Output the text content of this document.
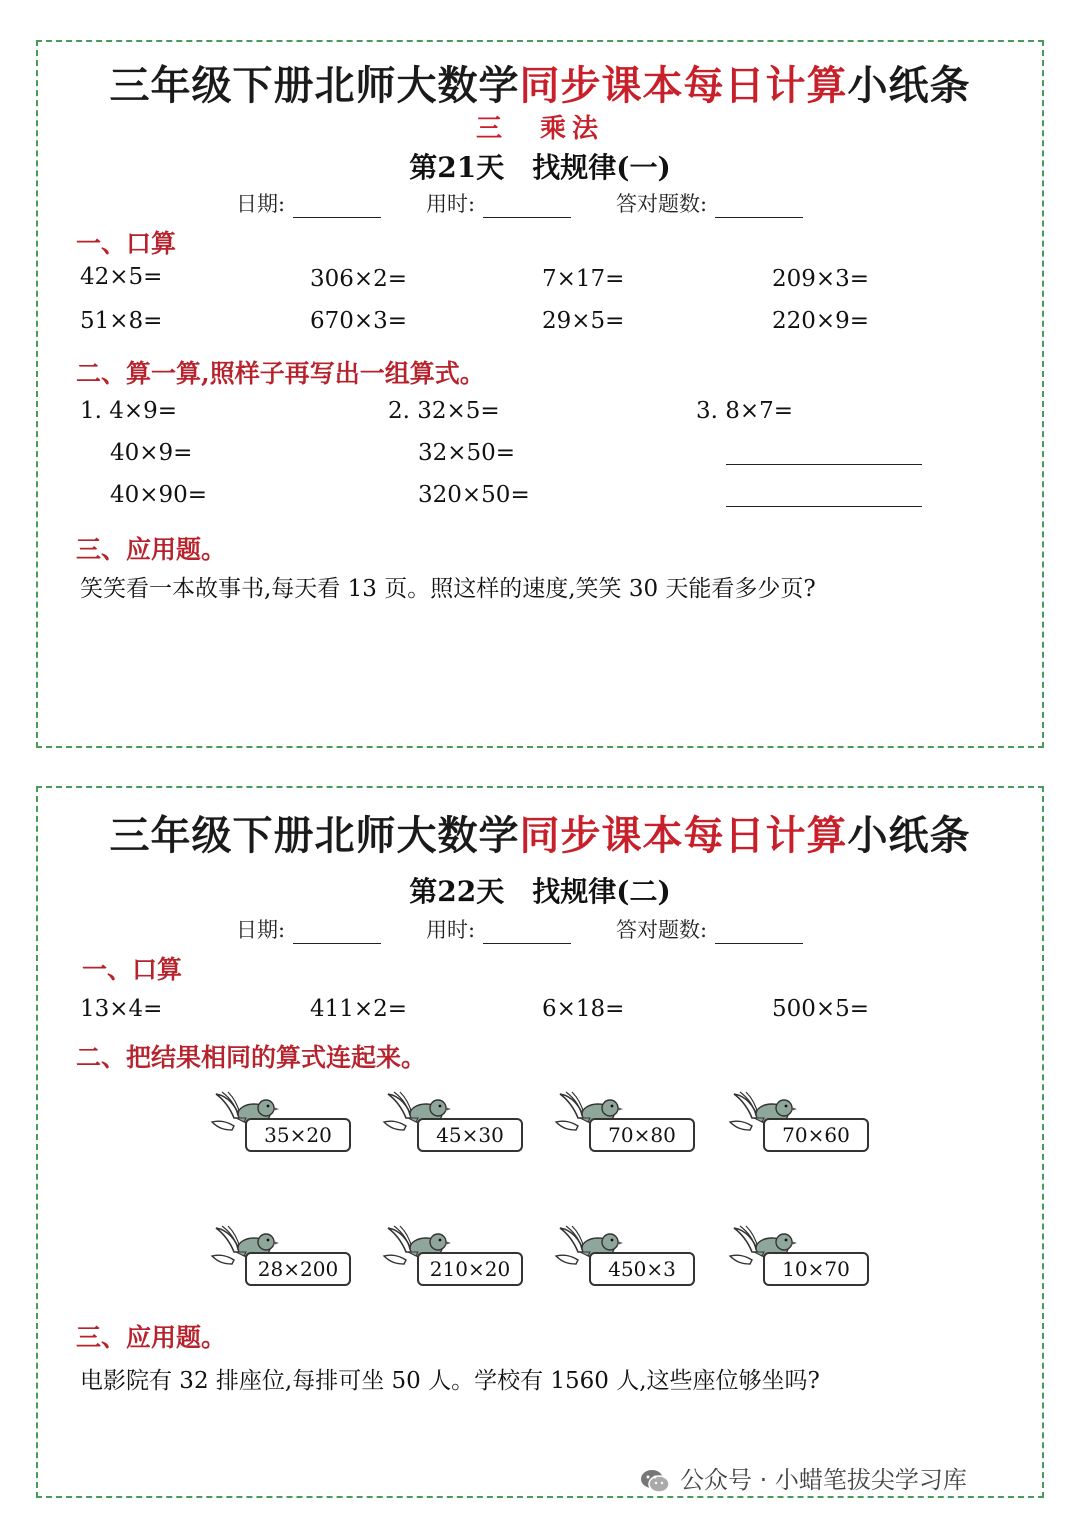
三年级下册北师大数学同步课本每日计算小纸条
三　乘法
第21天　找规律(一)
日期:	用时:	答对题数:
一、口算
42×5=	306×2=	7×17=	209×3=
51×8=	670×3=	29×5=	220×9=
二、算一算,照样子再写出一组算式。
1. 4×9=
40×9=
40×90=
2. 32×5=
32×50=
320×50=
3. 8×7=
三、应用题。
笑笑看一本故事书,每天看 13 页。照这样的速度,笑笑 30 天能看多少页?
三年级下册北师大数学同步课本每日计算小纸条
第22天　找规律(二)
日期:	用时:	答对题数:
一、口算
13×4=	411×2=	6×18=	500×5=
二、把结果相同的算式连起来。
35×20	45×30	70×80	70×60
28×200	210×20	450×3	10×70
三、应用题。
电影院有 32 排座位,每排可坐 50 人。学校有 1560 人,这些座位够坐吗?
公众号 · 小蜡笔拔尖学习库
